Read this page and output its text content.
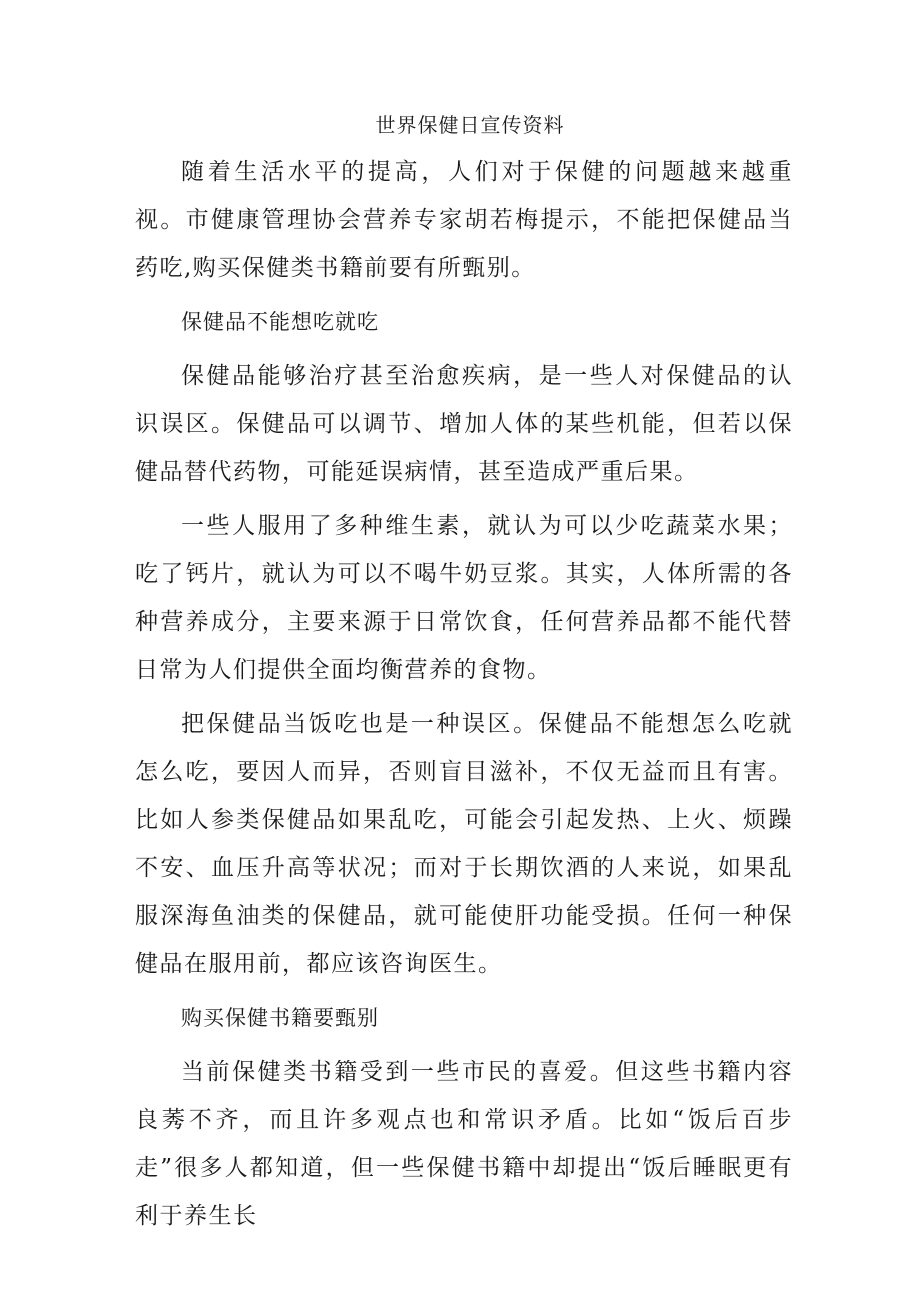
世界保健日宣传资料

随着生活水平的提高，人们对于保健的问题越来越重视。市健康管理协会营养专家胡若梅提示，不能把保健品当药吃,购买保健类书籍前要有所甄别。

保健品不能想吃就吃

保健品能够治疗甚至治愈疾病，是一些人对保健品的认识误区。保健品可以调节、增加人体的某些机能，但若以保健品替代药物，可能延误病情，甚至造成严重后果。

一些人服用了多种维生素，就认为可以少吃蔬菜水果；吃了钙片，就认为可以不喝牛奶豆浆。其实，人体所需的各种营养成分，主要来源于日常饮食，任何营养品都不能代替日常为人们提供全面均衡营养的食物。

把保健品当饭吃也是一种误区。保健品不能想怎么吃就怎么吃，要因人而异，否则盲目滋补，不仅无益而且有害。比如人参类保健品如果乱吃，可能会引起发热、上火、烦躁不安、血压升高等状况；而对于长期饮酒的人来说，如果乱服深海鱼油类的保健品，就可能使肝功能受损。任何一种保健品在服用前，都应该咨询医生。

购买保健书籍要甄别

当前保健类书籍受到一些市民的喜爱。但这些书籍内容良莠不齐，而且许多观点也和常识矛盾。比如“饭后百步走”很多人都知道，但一些保健书籍中却提出“饭后睡眠更有利于养生长
